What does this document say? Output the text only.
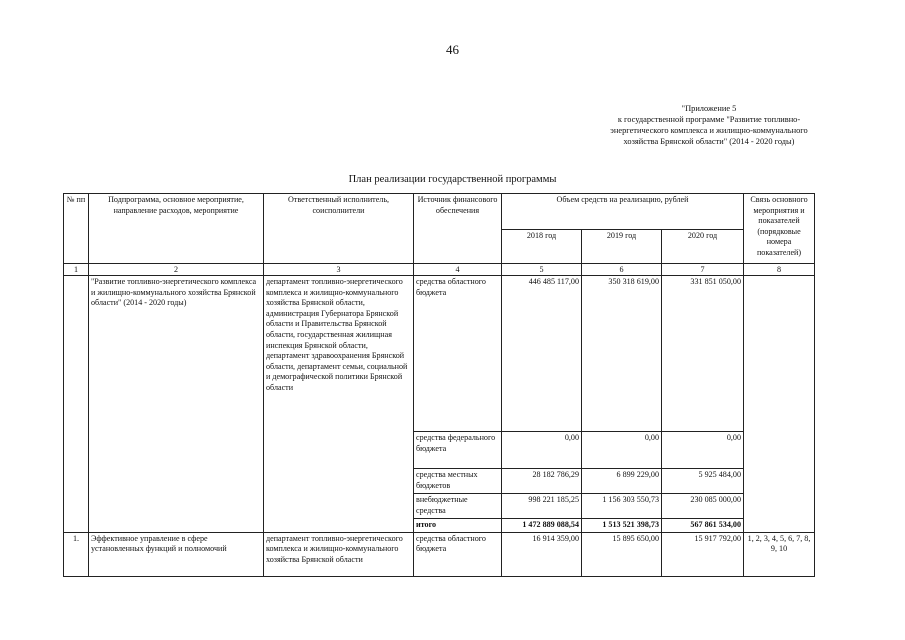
46
"Приложение 5
к государственной программе "Развитие топливно-
энергетического комплекса и жилищно-коммунального
хозяйства Брянской области" (2014 - 2020 годы)
План реализации государственной программы
№ пп	Подпрограмма, основное мероприятие, направление расходов, мероприятие	Ответственный исполнитель, соисполнители	Источник финансового обеспечения	Объем средств на реализацию, рублей			Связь основного мероприятия и показателей (порядковые номера показателей)
				2018 год	2019 год	2020 год	
1	2	3	4	5	6	7	8
	"Развитие топливно-энергетического комплекса и жилищно-коммунального хозяйства Брянской области" (2014 - 2020 годы)	департамент топливно-энергетического комплекса и жилищно-коммунального хозяйства Брянской области, администрация Губернатора Брянской области и Правительства Брянской области, государственная жилищная инспекция Брянской области, департамент здравоохранения Брянской области, департамент семьи, социальной и демографической политики Брянской области	средства областного бюджета	446 485 117,00	350 318 619,00	331 851 050,00	
			средства федерального бюджета	0,00	0,00	0,00	
			средства местных бюджетов	28 182 786,29	6 899 229,00	5 925 484,00	
			внебюджетные средства	998 221 185,25	1 156 303 550,73	230 085 000,00	
			итого	1 472 889 088,54	1 513 521 398,73	567 861 534,00	
1.	Эффективное управление в сфере установленных функций и полномочий	департамент топливно-энергетического комплекса и жилищно-коммунального хозяйства Брянской области	средства областного бюджета	16 914 359,00	15 895 650,00	15 917 792,00	1, 2, 3, 4, 5, 6, 7, 8, 9, 10
